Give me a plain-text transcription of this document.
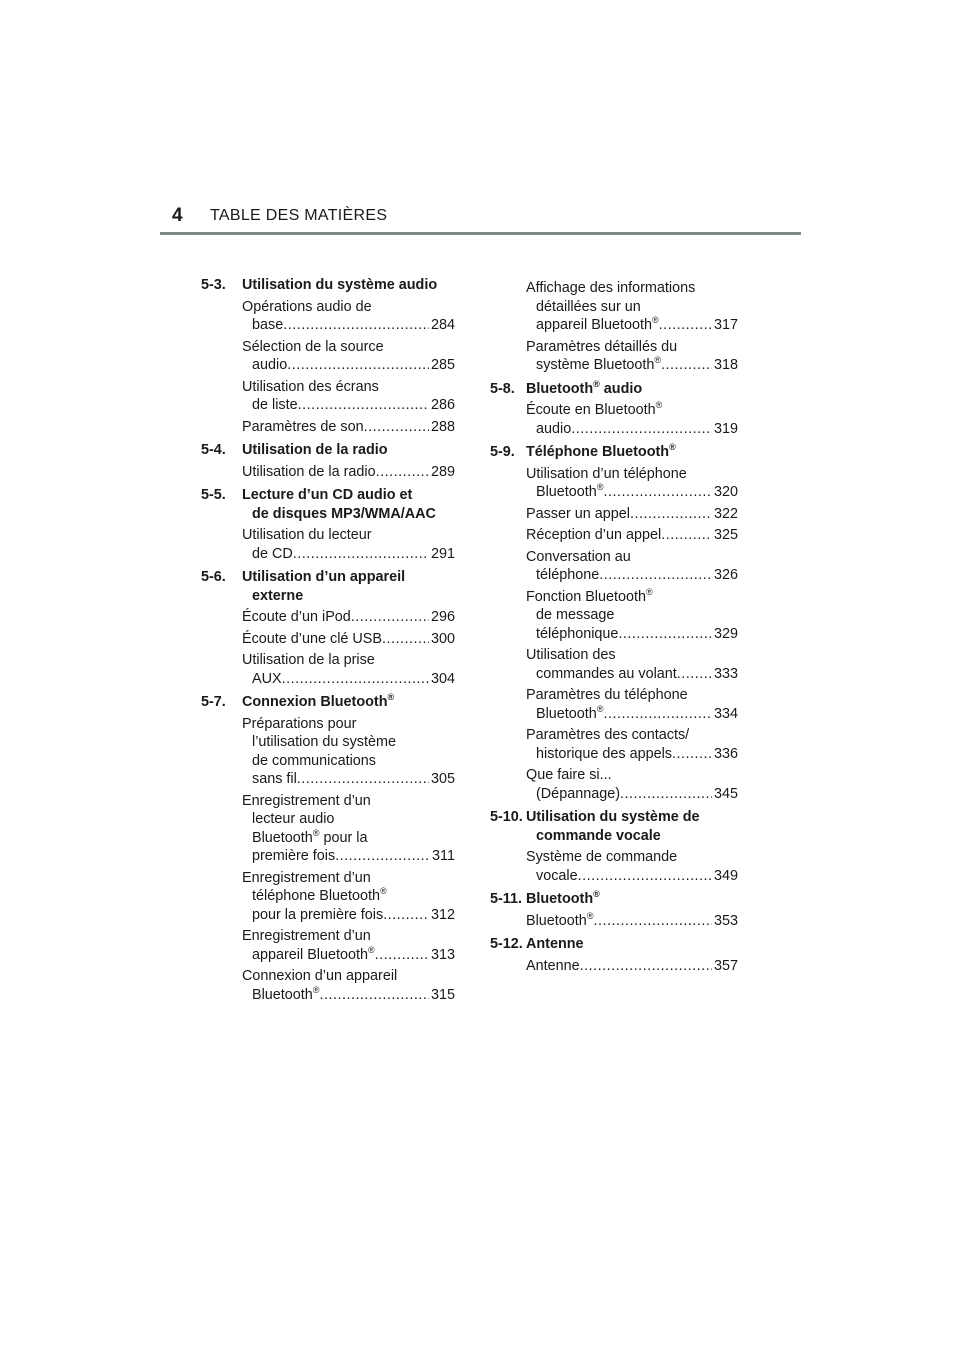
4 TABLE DES MATIÈRES
5-3. Utilisation du système audio
Opérations audio de
base .....	284
Sélection de la source
audio .....	285
Utilisation des écrans
de liste .....	286
Paramètres de son .....	288
5-4. Utilisation de la radio
Utilisation de la radio .....	289
5-5. Lecture d’un CD audio et
de disques MP3/WMA/AAC
Utilisation du lecteur
de CD .....	291
5-6. Utilisation d’un appareil
externe
Écoute d’un iPod .....	296
Écoute d’une clé USB .....	300
Utilisation de la prise
AUX .....	304
5-7. Connexion Bluetooth®
Préparations pour
l’utilisation du système
de communications
sans fil .....	305
Enregistrement d’un
lecteur audio
Bluetooth® pour la
première fois .....	311
Enregistrement d’un
téléphone Bluetooth®
pour la première fois .....	312
Enregistrement d’un
appareil Bluetooth® .....	313
Connexion d’un appareil
Bluetooth® .....	315
Affichage des informations
détaillées sur un
appareil Bluetooth® .....	317
Paramètres détaillés du
système Bluetooth® .....	318
5-8. Bluetooth® audio
Écoute en Bluetooth®
audio .....	319
5-9. Téléphone Bluetooth®
Utilisation d’un téléphone
Bluetooth® .....	320
Passer un appel .....	322
Réception d’un appel .....	325
Conversation au
téléphone .....	326
Fonction Bluetooth®
de message
téléphonique .....	329
Utilisation des
commandes au volant .....	333
Paramètres du téléphone
Bluetooth® .....	334
Paramètres des contacts/
historique des appels .....	336
Que faire si...
(Dépannage) .....	345
5-10. Utilisation du système de
commande vocale
Système de commande
vocale .....	349
5-11. Bluetooth®
Bluetooth® .....	353
5-12. Antenne
Antenne .....	357
